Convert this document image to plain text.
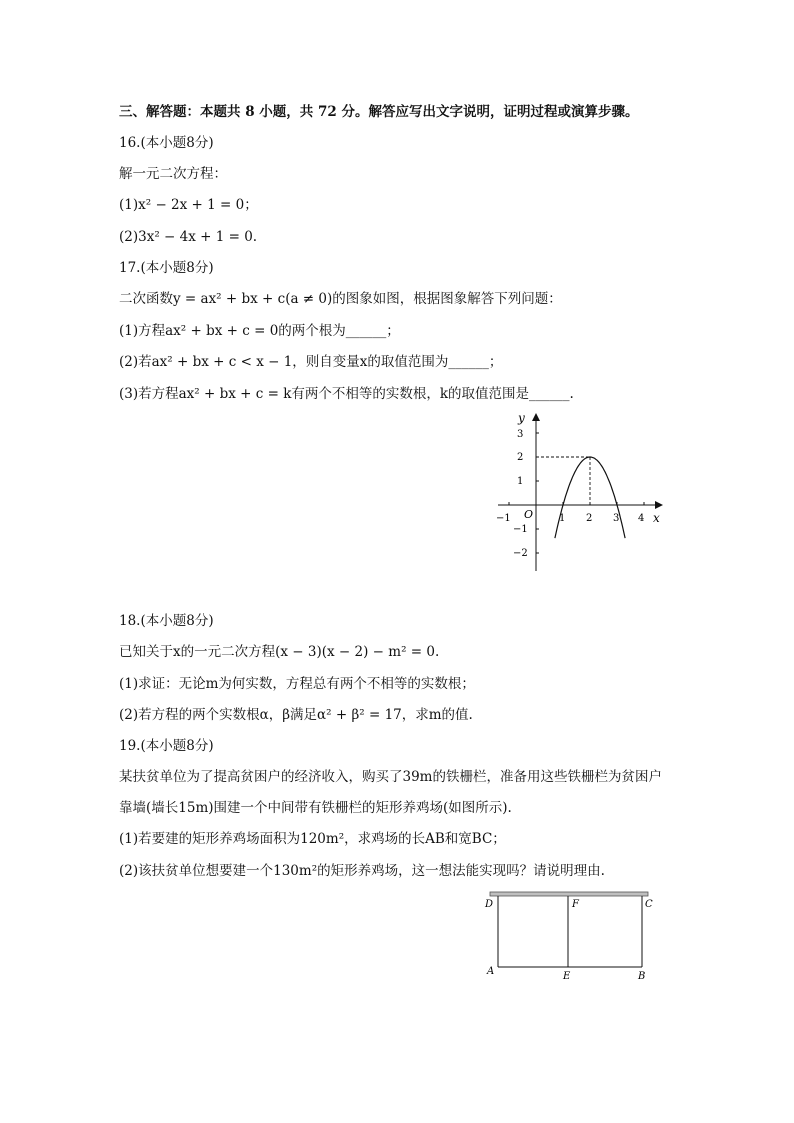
三、解答题：本题共 8 小题，共 72 分。解答应写出文字说明，证明过程或演算步骤。
16.(本小题8分)
解一元二次方程：
(1)x² − 2x + 1 = 0；
(2)3x² − 4x + 1 = 0.
17.(本小题8分)
二次函数y = ax² + bx + c(a ≠ 0)的图象如图，根据图象解答下列问题：
(1)方程ax² + bx + c = 0的两个根为______；
(2)若ax² + bx + c < x − 1，则自变量x的取值范围为______；
(3)若方程ax² + bx + c = k有两个不相等的实数根，k的取值范围是______.
y
x
O
−1	1 2 3 4
3
2
1
−1
−2
18.(本小题8分)
已知关于x的一元二次方程(x − 3)(x − 2) − m² = 0.
(1)求证：无论m为何实数，方程总有两个不相等的实数根；
(2)若方程的两个实数根α，β满足α² + β² = 17，求m的值.
19.(本小题8分)
某扶贫单位为了提高贫困户的经济收入，购买了39m的铁栅栏，准备用这些铁栅栏为贫困户
靠墙(墙长15m)围建一个中间带有铁栅栏的矩形养鸡场(如图所示).
(1)若要建的矩形养鸡场面积为120m²，求鸡场的长AB和宽BC；
(2)该扶贫单位想要建一个130m²的矩形养鸡场，这一想法能实现吗？请说明理由.
D	F	C
A	E	B
